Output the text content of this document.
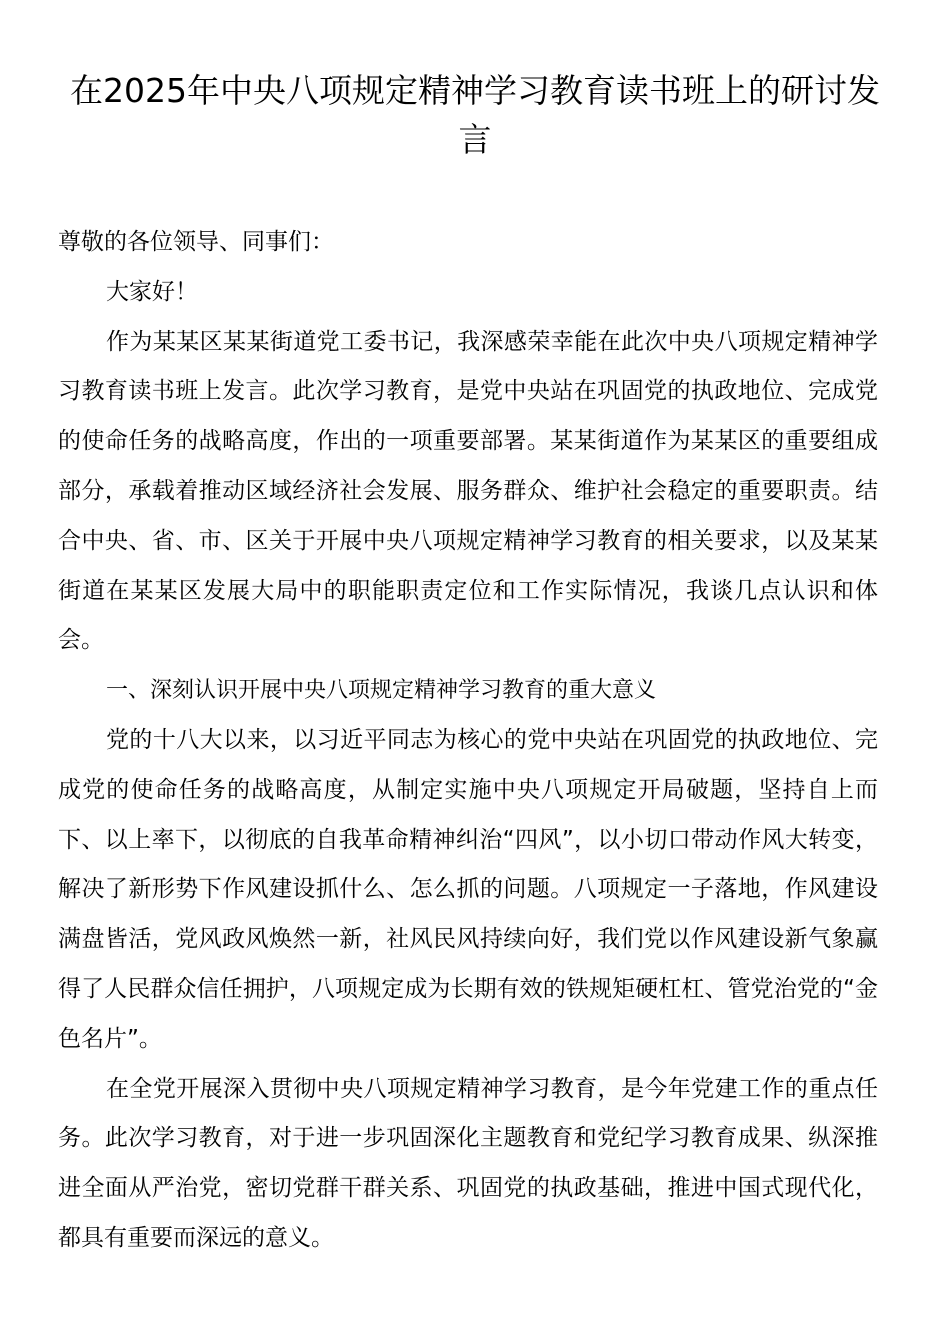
在2025年中央八项规定精神学习教育读书班上的研讨发言

尊敬的各位领导、同事们：

大家好！

作为某某区某某街道党工委书记，我深感荣幸能在此次中央八项规定精神学习教育读书班上发言。此次学习教育，是党中央站在巩固党的执政地位、完成党的使命任务的战略高度，作出的一项重要部署。某某街道作为某某区的重要组成部分，承载着推动区域经济社会发展、服务群众、维护社会稳定的重要职责。结合中央、省、市、区关于开展中央八项规定精神学习教育的相关要求，以及某某街道在某某区发展大局中的职能职责定位和工作实际情况，我谈几点认识和体会。

一、深刻认识开展中央八项规定精神学习教育的重大意义

党的十八大以来，以习近平同志为核心的党中央站在巩固党的执政地位、完成党的使命任务的战略高度，从制定实施中央八项规定开局破题，坚持自上而下、以上率下，以彻底的自我革命精神纠治“四风”，以小切口带动作风大转变，解决了新形势下作风建设抓什么、怎么抓的问题。八项规定一子落地，作风建设满盘皆活，党风政风焕然一新，社风民风持续向好，我们党以作风建设新气象赢得了人民群众信任拥护，八项规定成为长期有效的铁规矩硬杠杠、管党治党的“金色名片”。

在全党开展深入贯彻中央八项规定精神学习教育，是今年党建工作的重点任务。此次学习教育，对于进一步巩固深化主题教育和党纪学习教育成果、纵深推进全面从严治党，密切党群干群关系、巩固党的执政基础，推进中国式现代化，都具有重要而深远的意义。
